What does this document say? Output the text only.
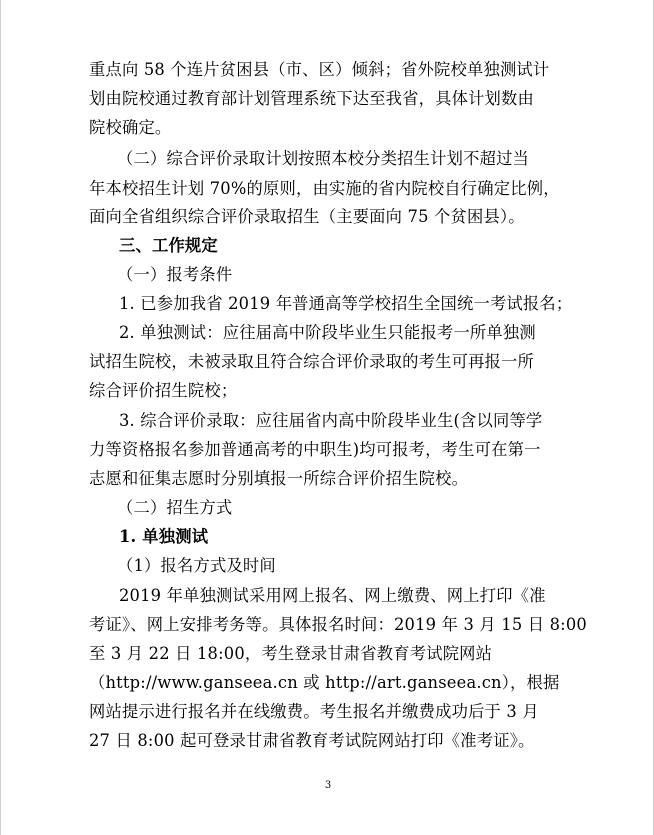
重点向 58 个连片贫困县（市、区）倾斜；省外院校单独测试计
划由院校通过教育部计划管理系统下达至我省，具体计划数由
院校确定。
（二）综合评价录取计划按照本校分类招生计划不超过当
年本校招生计划 70%的原则，由实施的省内院校自行确定比例，
面向全省组织综合评价录取招生（主要面向 75 个贫困县）。
三、工作规定
（一）报考条件
1. 已参加我省 2019 年普通高等学校招生全国统一考试报名；
2. 单独测试：应往届高中阶段毕业生只能报考一所单独测
试招生院校，未被录取且符合综合评价录取的考生可再报一所
综合评价招生院校；
3. 综合评价录取：应往届省内高中阶段毕业生(含以同等学
力等资格报名参加普通高考的中职生)均可报考，考生可在第一
志愿和征集志愿时分别填报一所综合评价招生院校。
（二）招生方式
1. 单独测试
（1）报名方式及时间
2019 年单独测试采用网上报名、网上缴费、网上打印《准
考证》、网上安排考务等。具体报名时间：2019 年 3 月 15 日 8:00
至 3 月 22 日 18:00，考生登录甘肃省教育考试院网站
（http://www.ganseea.cn 或 http://art.ganseea.cn），根据
网站提示进行报名并在线缴费。考生报名并缴费成功后于 3 月
27 日 8:00 起可登录甘肃省教育考试院网站打印《准考证》。
3
